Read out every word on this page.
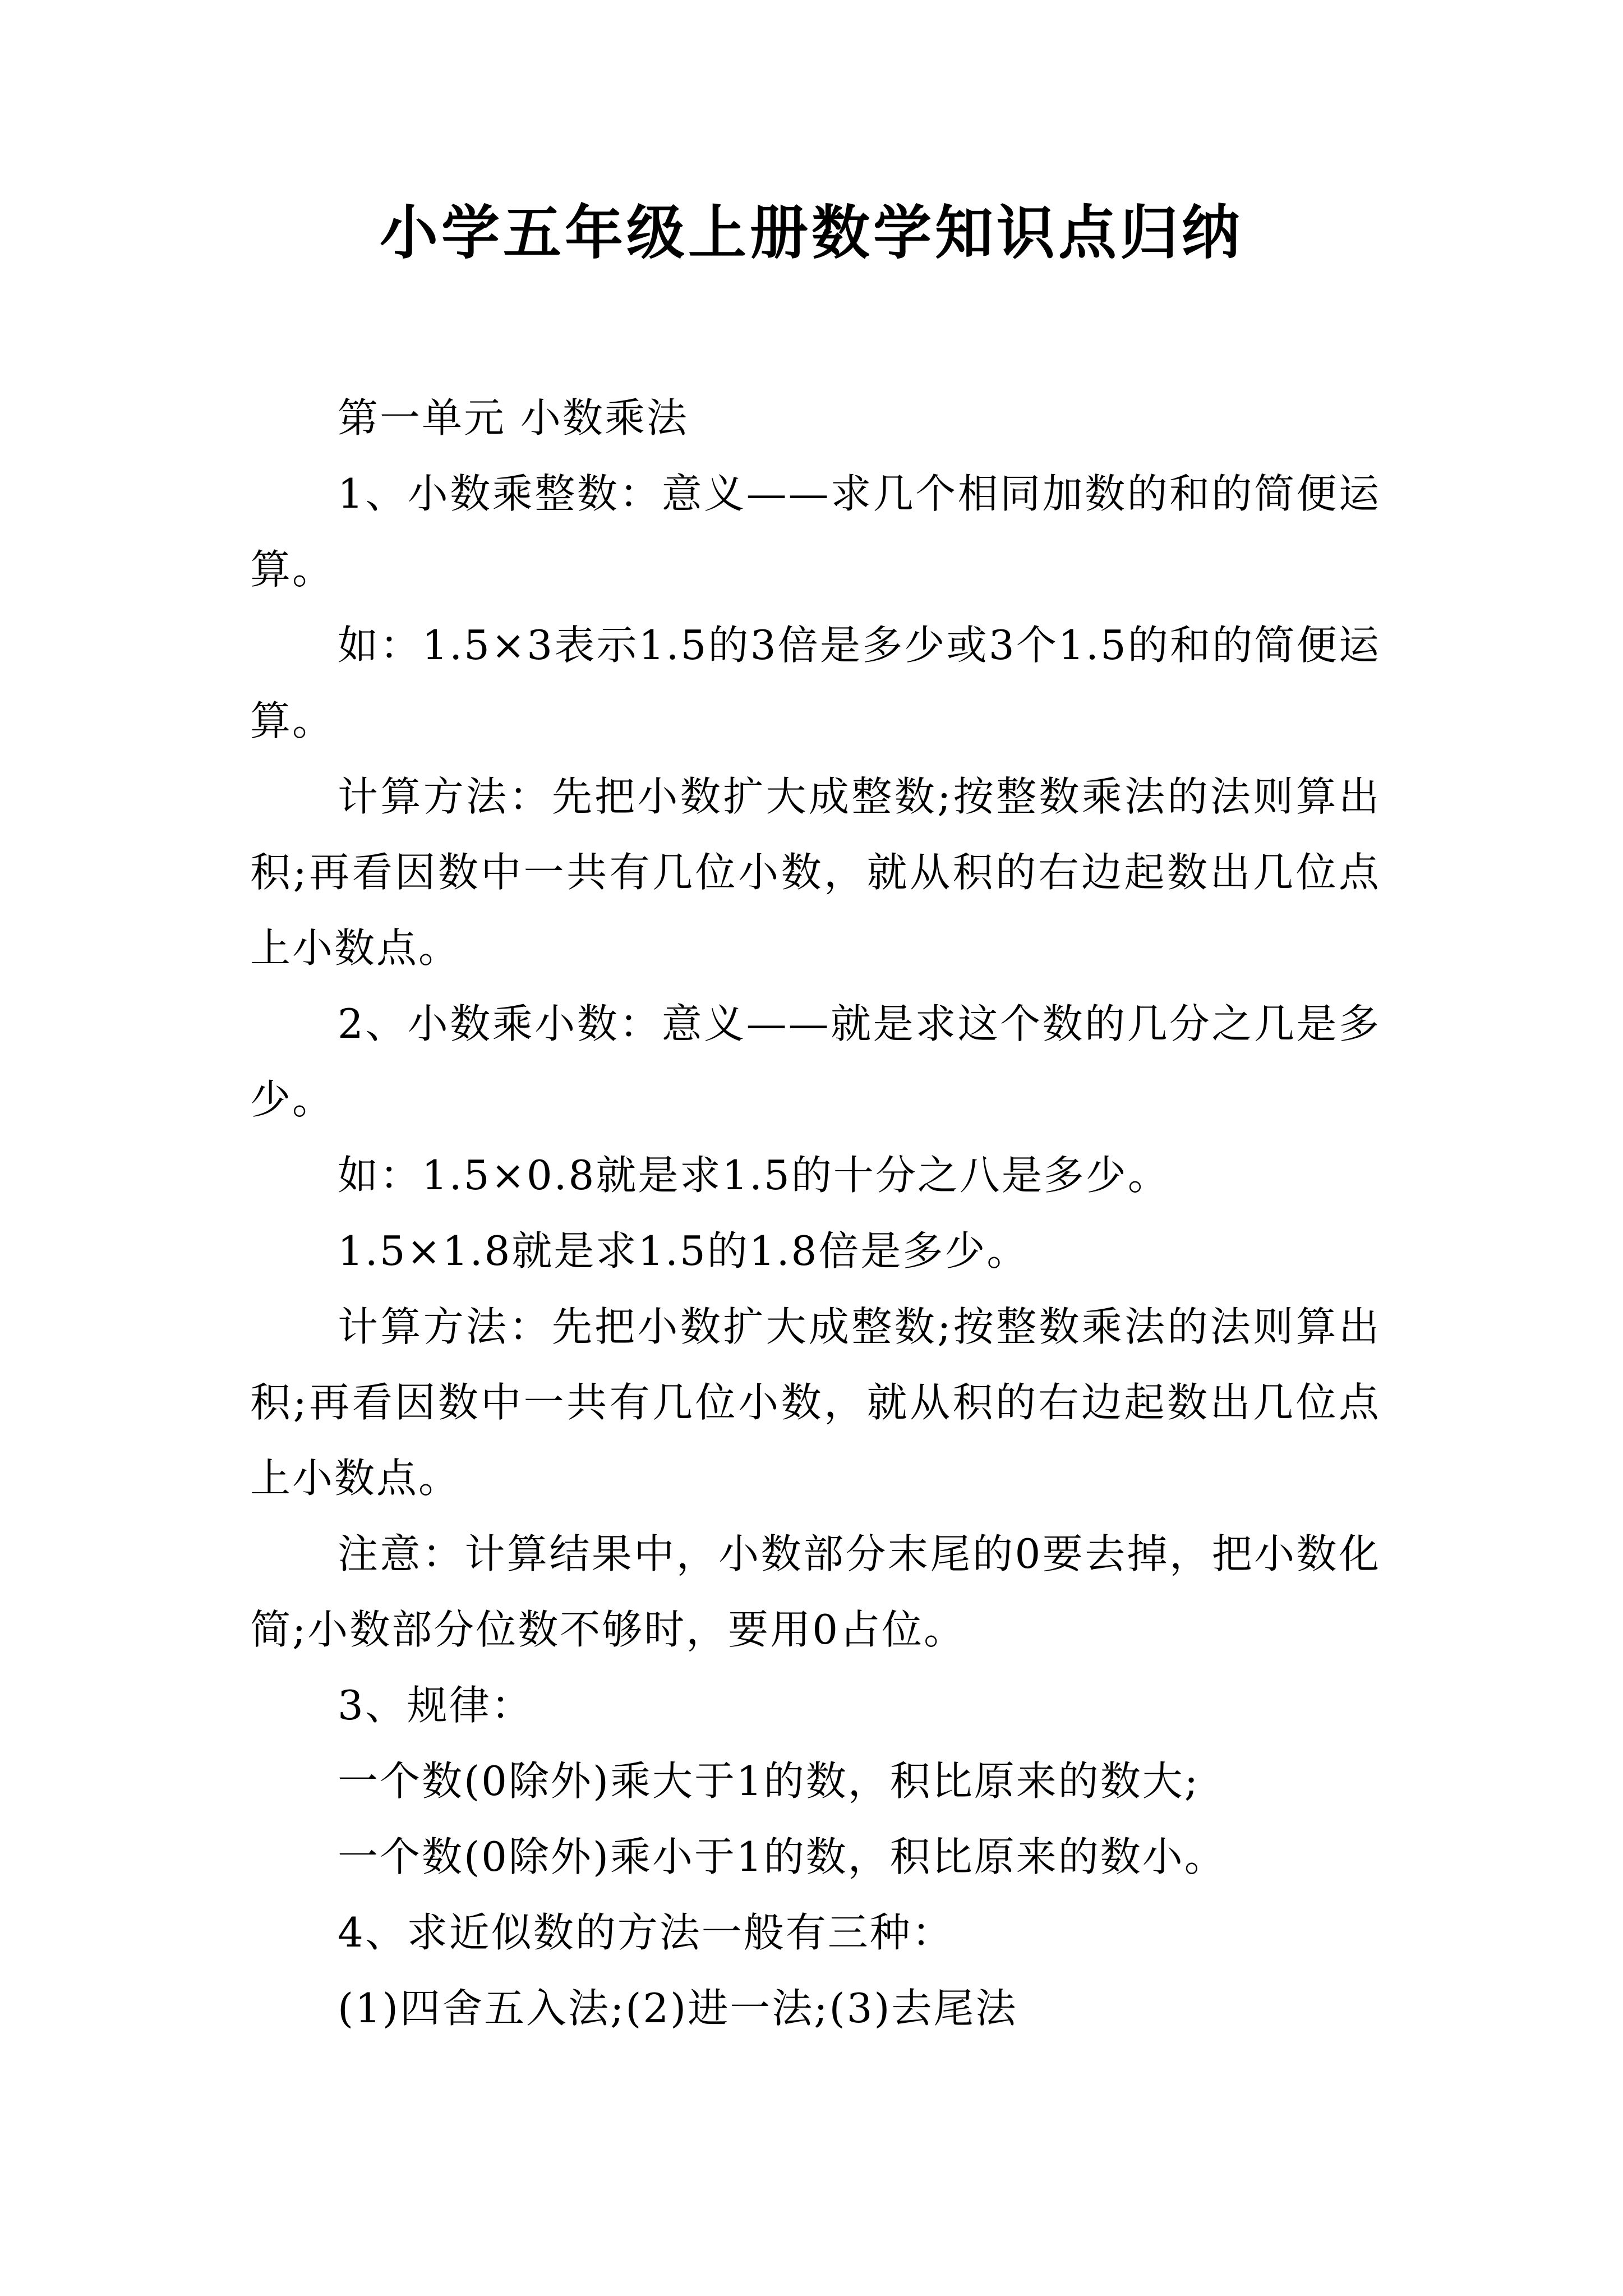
小学五年级上册数学知识点归纳

第一单元 小数乘法

1、小数乘整数：意义——求几个相同加数的和的简便运算。

如：1.5×3表示1.5的3倍是多少或3个1.5的和的简便运算。

计算方法：先把小数扩大成整数;按整数乘法的法则算出积;再看因数中一共有几位小数，就从积的右边起数出几位点上小数点。

2、小数乘小数：意义——就是求这个数的几分之几是多少。

如：1.5×0.8就是求1.5的十分之八是多少。

1.5×1.8就是求1.5的1.8倍是多少。

计算方法：先把小数扩大成整数;按整数乘法的法则算出积;再看因数中一共有几位小数，就从积的右边起数出几位点上小数点。

注意：计算结果中，小数部分末尾的0要去掉，把小数化简;小数部分位数不够时，要用0占位。

3、规律：

一个数(0除外)乘大于1的数，积比原来的数大;

一个数(0除外)乘小于1的数，积比原来的数小。

4、求近似数的方法一般有三种：

(1)四舍五入法;(2)进一法;(3)去尾法
